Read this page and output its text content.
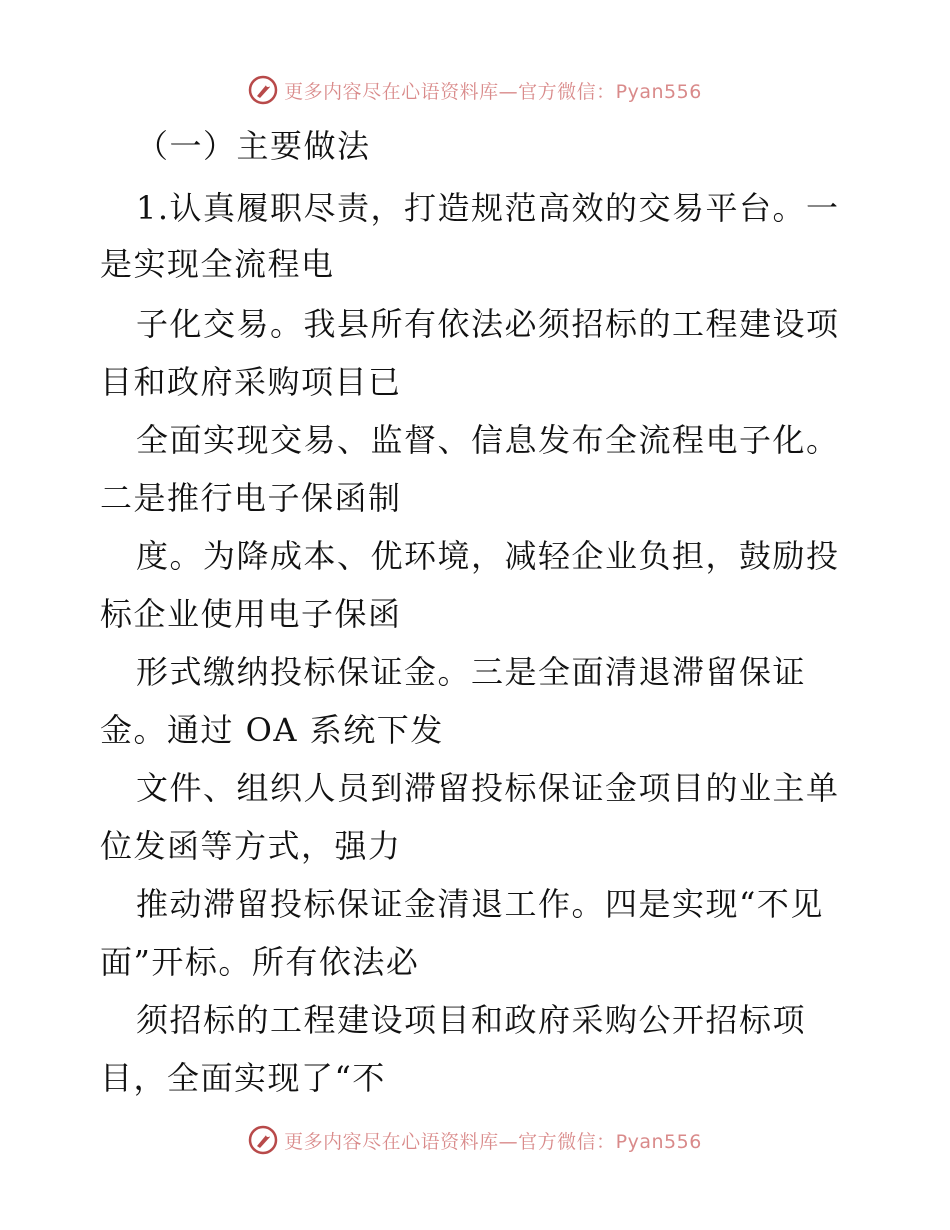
更多内容尽在心语资料库—官方微信：Pyan556
（一）主要做法
1.认真履职尽责，打造规范高效的交易平台。一
是实现全流程电
子化交易。我县所有依法必须招标的工程建设项
目和政府采购项目已
全面实现交易、监督、信息发布全流程电子化。
二是推行电子保函制
度。为降成本、优环境，减轻企业负担，鼓励投
标企业使用电子保函
形式缴纳投标保证金。三是全面清退滞留保证
金。通过 OA 系统下发
文件、组织人员到滞留投标保证金项目的业主单
位发函等方式，强力
推动滞留投标保证金清退工作。四是实现“不见
面”开标。所有依法必
须招标的工程建设项目和政府采购公开招标项
目，全面实现了“不
更多内容尽在心语资料库—官方微信：Pyan556
